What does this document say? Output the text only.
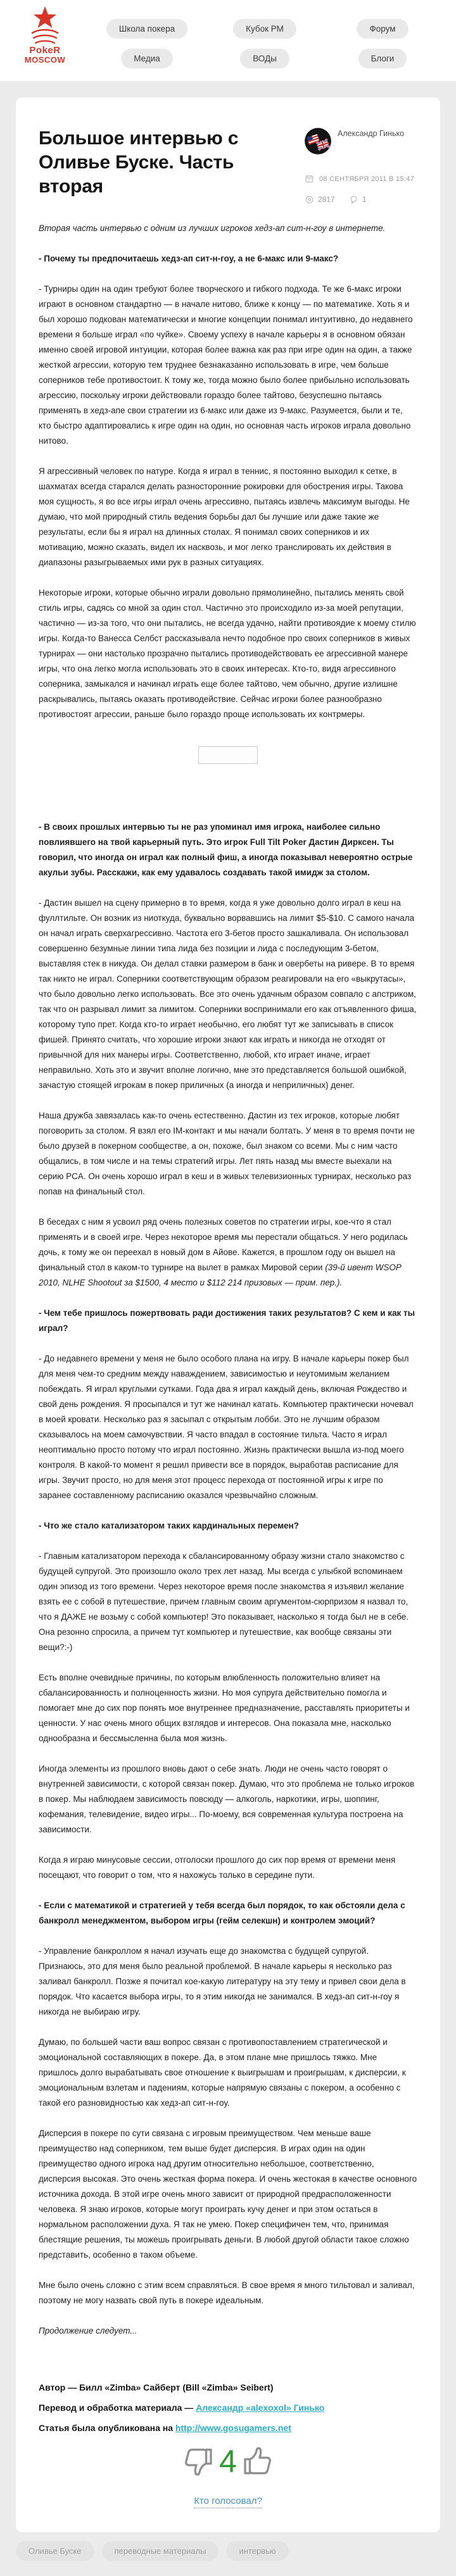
PokeR
MOSCOW
Школа покера	Кубок РМ	Форум
Медиа	ВОДы	Блоги
Большое интервью с Оливье Буске. Часть вторая
Александр Гинько
08 СЕНТЯБРЯ 2011 В 15:47
2817	1

Вторая часть интервью с одним из лучших игроков хедз-ап сит-н-гоу в интернете.

- Почему ты предпочитаешь хедз-ап сит-н-гоу, а не 6-макс или 9-макс?

- Турниры один на один требуют более творческого и гибкого подхода. Те же 6-макс игроки играют в основном стандартно — в начале нитово, ближе к концу — по математике. Хоть я и был хорошо подкован математически и многие концепции понимал интуитивно, до недавнего времени я больше играл «по чуйке». Своему успеху в начале карьеры я в основном обязан именно своей игровой интуиции, которая более важна как раз при игре один на один, а также жесткой агрессии, которую тем труднее безнаказанно использовать в игре, чем больше соперников тебе противостоит. К тому же, тогда можно было более прибыльно использовать агрессию, поскольку игроки действовали гораздо более тайтово, безуспешно пытаясь применять в хедз-апе свои стратегии из 6-макс или даже из 9-макс. Разумеется, были и те, кто быстро адаптировались к игре один на один, но основная часть игроков играла довольно нитово.

Я агрессивный человек по натуре. Когда я играл в теннис, я постоянно выходил к сетке, в шахматах всегда старался делать разносторонние рокировки для обострения игры. Такова моя сущность, я во все игры играл очень агрессивно, пытаясь извлечь максимум выгоды. Не думаю, что мой природный стиль ведения борьбы дал бы лучшие или даже такие же результаты, если бы я играл на длинных столах. Я понимал своих соперников и их мотивацию, можно сказать, видел их насквозь, и мог легко транслировать их действия в диапазоны разыгрываемых ими рук в разных ситуациях.

Некоторые игроки, которые обычно играли довольно прямолинейно, пытались менять свой стиль игры, садясь со мной за один стол. Частично это происходило из-за моей репутации, частично — из-за того, что они пытались, не всегда удачно, найти противоядие к моему стилю игры. Когда-то Ванесса Селбст рассказывала нечто подобное про своих соперников в живых турнирах — они настолько прозрачно пытались противодействовать ее агрессивной манере игры, что она легко могла использовать это в своих интересах. Кто-то, видя агрессивного соперника, замыкался и начинал играть еще более тайтово, чем обычно, другие излишне раскрывались, пытаясь оказать противодействие. Сейчас игроки более разнообразно противостоят агрессии, раньше было гораздо проще использовать их контрмеры.

- В своих прошлых интервью ты не раз упоминал имя игрока, наиболее сильно повлиявшего на твой карьерный путь. Это игрок Full Tilt Poker Дастин Дирксен. Ты говорил, что иногда он играл как полный фиш, а иногда показывал невероятно острые акульи зубы. Расскажи, как ему удавалось создавать такой имидж за столом.

- Дастин вышел на сцену примерно в то время, когда я уже довольно долго играл в кеш на фуллтильте. Он возник из ниоткуда, буквально ворвавшись на лимит $5-$10. С самого начала он начал играть сверхагрессивно. Частота его 3-бетов просто зашкаливала. Он использовал совершенно безумные линии типа лида без позиции и лида с последующим 3-бетом, выставляя стек в никуда. Он делал ставки размером в банк и овербеты на ривере. В то время так никто не играл. Соперники соответствующим образом реагировали на его «выкрутасы», что было довольно легко использовать. Все это очень удачным образом совпало с апстриком, так что он разрывал лимит за лимитом. Соперники воспринимали его как отъявленного фиша, которому тупо прет. Когда кто-то играет необычно, его любят тут же записывать в список фишей. Принято считать, что хорошие игроки знают как играть и никогда не отходят от привычной для них манеры игры. Соответственно, любой, кто играет иначе, играет неправильно. Хоть это и звучит вполне логично, мне это представляется большой ошибкой, зачастую стоящей игрокам в покер приличных (а иногда и неприличных) денег.

Наша дружба завязалась как-то очень естественно. Дастин из тех игроков, которые любят поговорить за столом. Я взял его IM-контакт и мы начали болтать. У меня в то время почти не было друзей в покерном сообществе, а он, похоже, был знаком со всеми. Мы с ним часто общались, в том числе и на темы стратегий игры. Лет пять назад мы вместе выехали на серию PCA. Он очень хорошо играл в кеш и в живых телевизионных турнирах, несколько раз попав на финальный стол.

В беседах с ним я усвоил ряд очень полезных советов по стратегии игры, кое-что я стал применять и в своей игре. Через некоторое время мы перестали общаться. У него родилась дочь, к тому же он переехал в новый дом в Айове. Кажется, в прошлом году он вышел на финальный стол в каком-то турнире на вылет в рамках Мировой серии (39-й ивент WSOP 2010, NLHE Shootout за $1500, 4 место и $112 214 призовых — прим. пер.).

- Чем тебе пришлось пожертвовать ради достижения таких результатов? С кем и как ты играл?

- До недавнего времени у меня не было особого плана на игру. В начале карьеры покер был для меня чем-то средним между наваждением, зависимостью и неутомимым желанием побеждать. Я играл круглыми сутками. Года два я играл каждый день, включая Рождество и свой день рождения. Я просыпался и тут же начинал катать. Компьютер практически ночевал в моей кровати. Несколько раз я засыпал с открытым лобби. Это не лучшим образом сказывалось на моем самочувствии. Я часто впадал в состояние тильта. Часто я играл неоптимально просто потому что играл постоянно. Жизнь практически вышла из-под моего контроля. В какой-то момент я решил привести все в порядок, выработав расписание для игры. Звучит просто, но для меня этот процесс перехода от постоянной игры к игре по заранее составленному расписанию оказался чрезвычайно сложным.

- Что же стало катализатором таких кардинальных перемен?

- Главным катализатором перехода к сбалансированному образу жизни стало знакомство с будущей супругой. Это произошло около трех лет назад. Мы всегда с улыбкой вспоминаем один эпизод из того времени. Через некоторое время после знакомства я изъявил желание взять ее с собой в путешествие, причем главным своим аргументом-сюрпризом я назвал то, что я ДАЖЕ не возьму с собой компьютер! Это показывает, насколько я тогда был не в себе. Она резонно спросила, а причем тут компьютер и путешествие, как вообще связаны эти вещи?:-)

Есть вполне очевидные причины, по которым влюбленность положительно влияет на сбалансированность и полноценность жизни. Но моя супруга действительно помогла и помогает мне до сих пор понять мое внутреннее предназначение, расставлять приоритеты и ценности. У нас очень много общих взглядов и интересов. Она показала мне, насколько однообразна и бессмысленна была моя жизнь.

Иногда элементы из прошлого вновь дают о себе знать. Люди не очень часто говорят о внутренней зависимости, с которой связан покер. Думаю, что это проблема не только игроков в покер. Мы наблюдаем зависимость повсюду — алкоголь, наркотики, игры, шоппинг, кофемания, телевидение, видео игры... По-моему, вся современная культура построена на зависимости.

Когда я играю минусовые сессии, отголоски прошлого до сих пор время от времени меня посещают, что говорит о том, что я нахожусь только в середине пути.

- Если с математикой и стратегией у тебя всегда был порядок, то как обстояли дела с банкролл менеджментом, выбором игры (гейм селекшн) и контролем эмоций?

- Управление банкроллом я начал изучать еще до знакомства с будущей супругой. Признаюсь, это для меня было реальной проблемой. В начале карьеры я несколько раз заливал банкролл. Позже я почитал кое-какую литературу на эту тему и привел свои дела в порядок. Что касается выбора игры, то я этим никогда не занимался. В хедз-ап сит-н-гоу я никогда не выбираю игру.

Думаю, по большей части ваш вопрос связан с противопоставлением стратегической и эмоциональной составляющих в покере. Да, в этом плане мне пришлось тяжко. Мне пришлось долго вырабатывать свое отношение к выигрышам и проигрышам, к дисперсии, к эмоциональным взлетам и падениям, которые напрямую связаны с покером, а особенно с такой его разновидностью как хедз-ап сит-н-гоу.

Дисперсия в покере по сути связана с игровым преимуществом. Чем меньше ваше преимущество над соперником, тем выше будет дисперсия. В играх один на один преимущество одного игрока над другим относительно небольшое, соответственно, дисперсия высокая. Это очень жесткая форма покера. И очень жестокая в качестве основного источника дохода. В этой игре очень много зависит от природной предрасположенности человека. Я знаю игроков, которые могут проиграть кучу денег и при этом остаться в нормальном расположении духа. Я так не умею. Покер специфичен тем, что, принимая блестящие решения, ты можешь проигрывать деньги. В любой другой области такое сложно представить, особенно в таком объеме.

Мне было очень сложно с этим всем справляться. В свое время я много тильтовал и заливал, поэтому не могу назвать свой путь в покере идеальным.

Продолжение следует...

Автор — Билл «Zimba» Сайберт (Bill «Zimba» Seibert)

Перевод и обработка материала — Александр «alexoxol» Гинько

Статья была опубликована на http://www.gosugamers.net

4
Кто голосовал?
Оливье Буске	переводные материалы	интервью
